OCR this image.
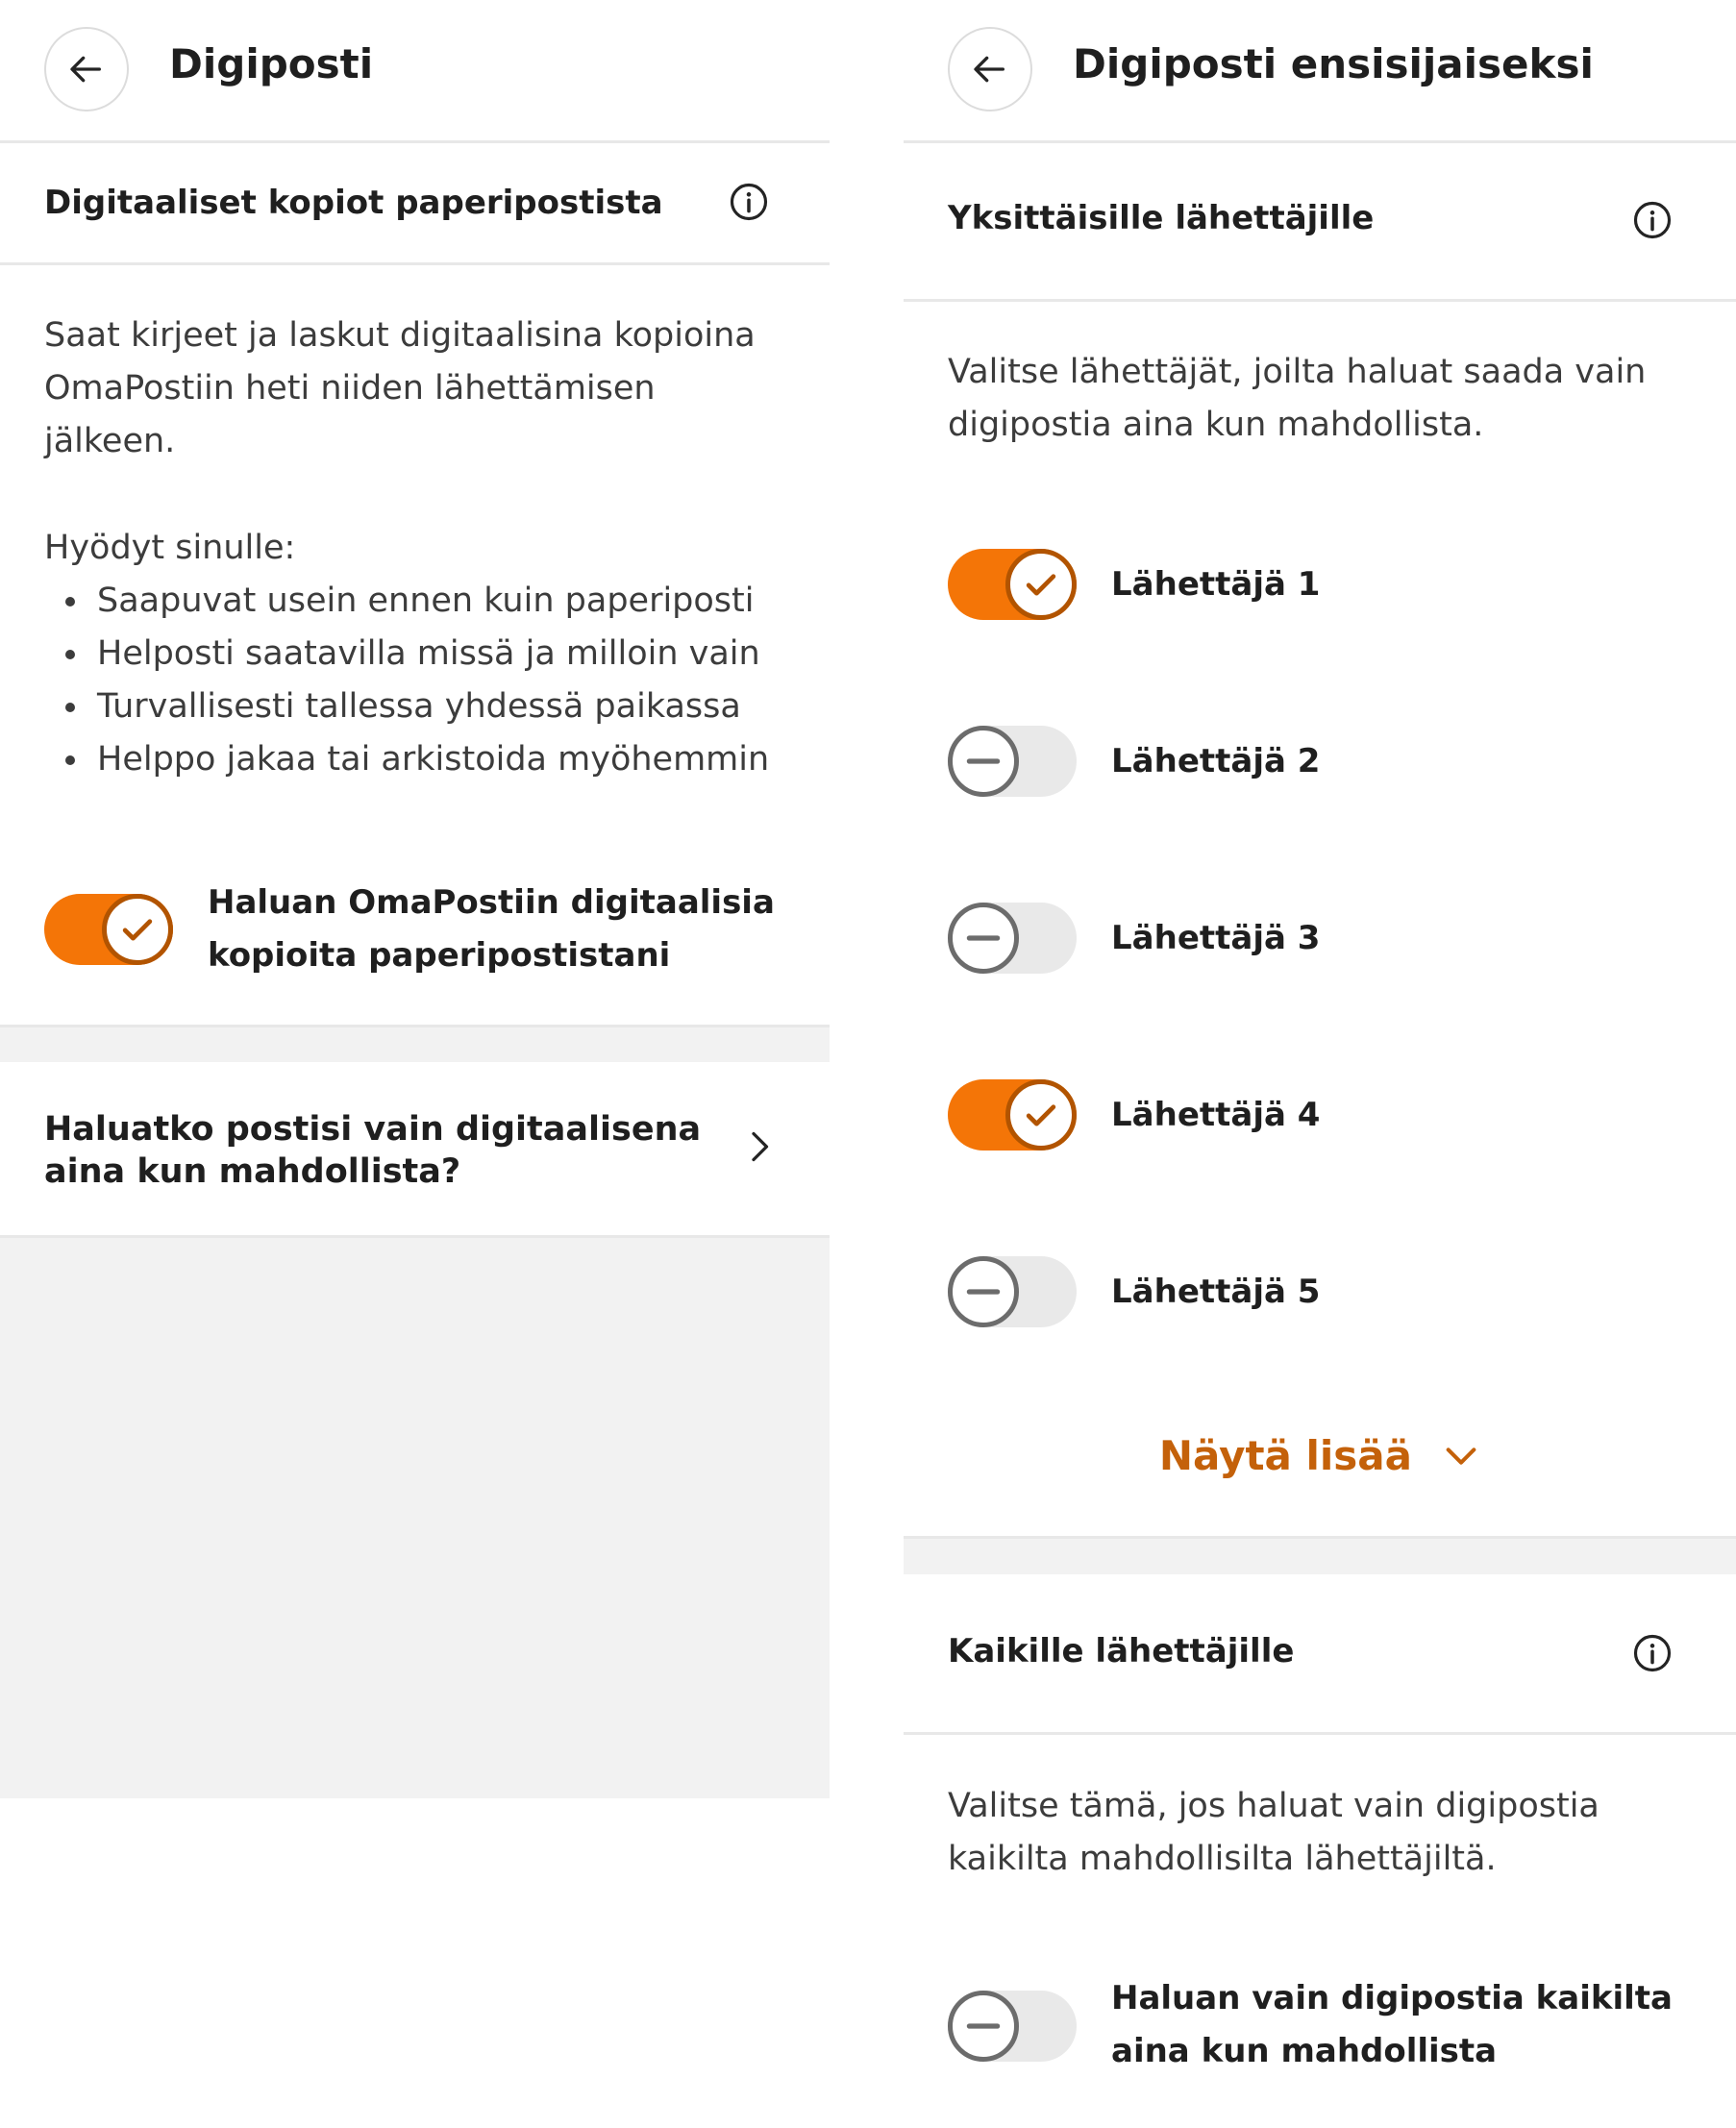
Digiposti
Digitaaliset kopiot paperipostista
Saat kirjeet ja laskut digitaalisina kopioina
OmaPostiin heti niiden lähettämisen
jälkeen.
Hyödyt sinulle:
Saapuvat usein ennen kuin paperiposti
Helposti saatavilla missä ja milloin vain
Turvallisesti tallessa yhdessä paikassa
Helppo jakaa tai arkistoida myöhemmin
Haluan OmaPostiin digitaalisia
kopioita paperipostistani
Haluatko postisi vain digitaalisena
aina kun mahdollista?
Digiposti ensisijaiseksi
Yksittäisille lähettäjille
Valitse lähettäjät, joilta haluat saada vain
digipostia aina kun mahdollista.
Lähettäjä 1
Lähettäjä 2
Lähettäjä 3
Lähettäjä 4
Lähettäjä 5
Näytä lisää
Kaikille lähettäjille
Valitse tämä, jos haluat vain digipostia
kaikilta mahdollisilta lähettäjiltä.
Haluan vain digipostia kaikilta
aina kun mahdollista
